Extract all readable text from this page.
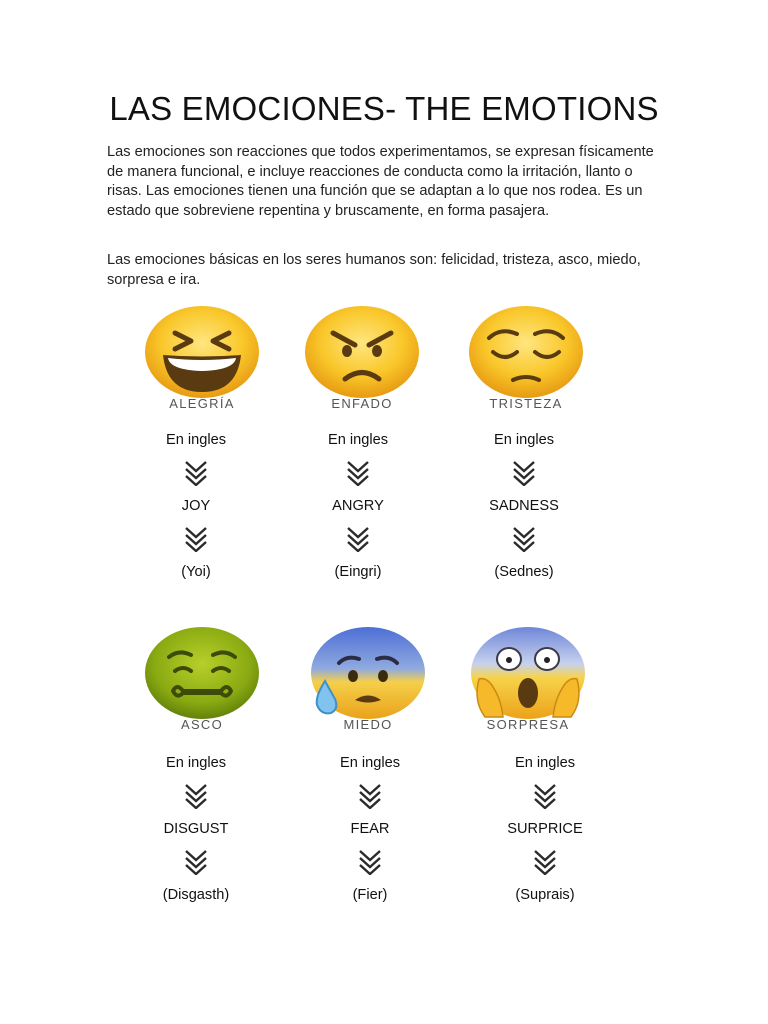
LAS EMOCIONES- THE EMOTIONS

Las emociones son reacciones que todos experimentamos, se expresan físicamente de manera funcional, e incluye reacciones de conducta como la irritación, llanto o risas. Las emociones tienen una función que se adaptan a lo que nos rodea. Es un estado que sobreviene repentina y bruscamente, en forma pasajera.

Las emociones básicas en los seres humanos son: felicidad, tristeza, asco, miedo, sorpresa e ira.

ALEGRÍA	ENFADO	TRISTEZA
ASCO	MIEDO	SORPRESA
En ingles
JOY
(Yoi)
En ingles
ANGRY
(Eingri)
En ingles
SADNESS
(Sednes)
En ingles
DISGUST
(Disgasth)
En ingles
FEAR
(Fier)
En ingles
SURPRICE
(Suprais)
